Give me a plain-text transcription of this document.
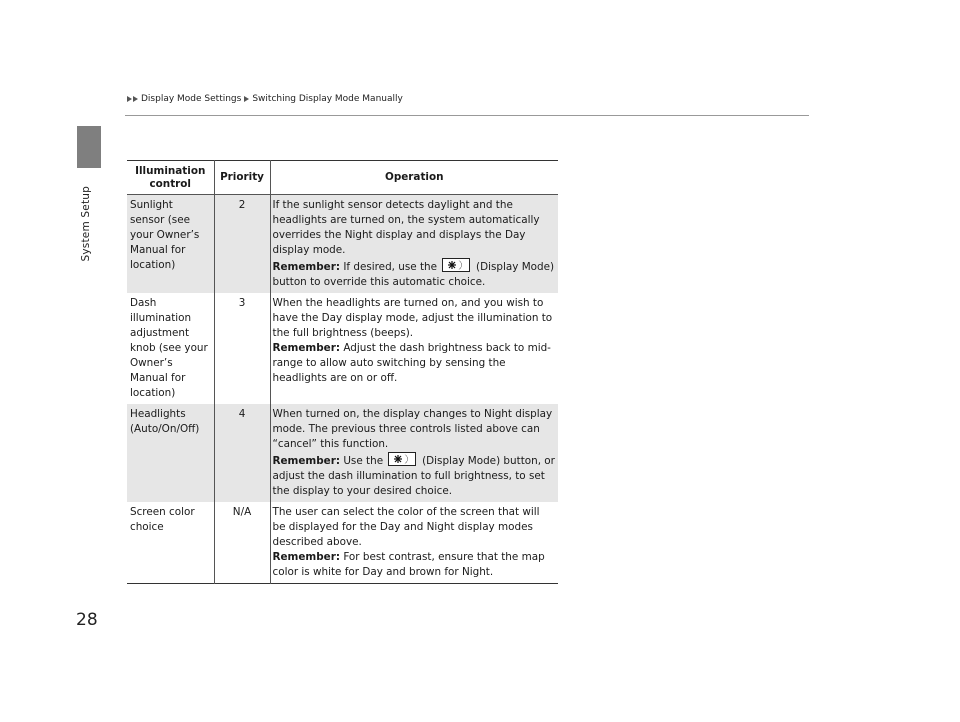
Display Mode Settings Switching Display Mode Manually
System Setup
Illumination control	Priority	Operation
Sunlight sensor (see your Owner’s Manual for location)	2	If the sunlight sensor detects daylight and the headlights are turned on, the system automatically overrides the Night display and displays the Day display mode.
Remember: If desired, use the (Display Mode) button to override this automatic choice.

Dash illumination adjustment knob (see your Owner’s Manual for location)	3	When the headlights are turned on, and you wish to have the Day display mode, adjust the illumination to the full brightness (beeps).
Remember: Adjust the dash brightness back to mid-range to allow auto switching by sensing the headlights are on or off.

Headlights (Auto/On/Off)	4	When turned on, the display changes to Night display mode. The previous three controls listed above can “cancel” this function.
Remember: Use the (Display Mode) button, or adjust the dash illumination to full brightness, to set the display to your desired choice.

Screen color choice	N/A	The user can select the color of the screen that will be displayed for the Day and Night display modes described above.
Remember: For best contrast, ensure that the map color is white for Day and brown for Night.
28
